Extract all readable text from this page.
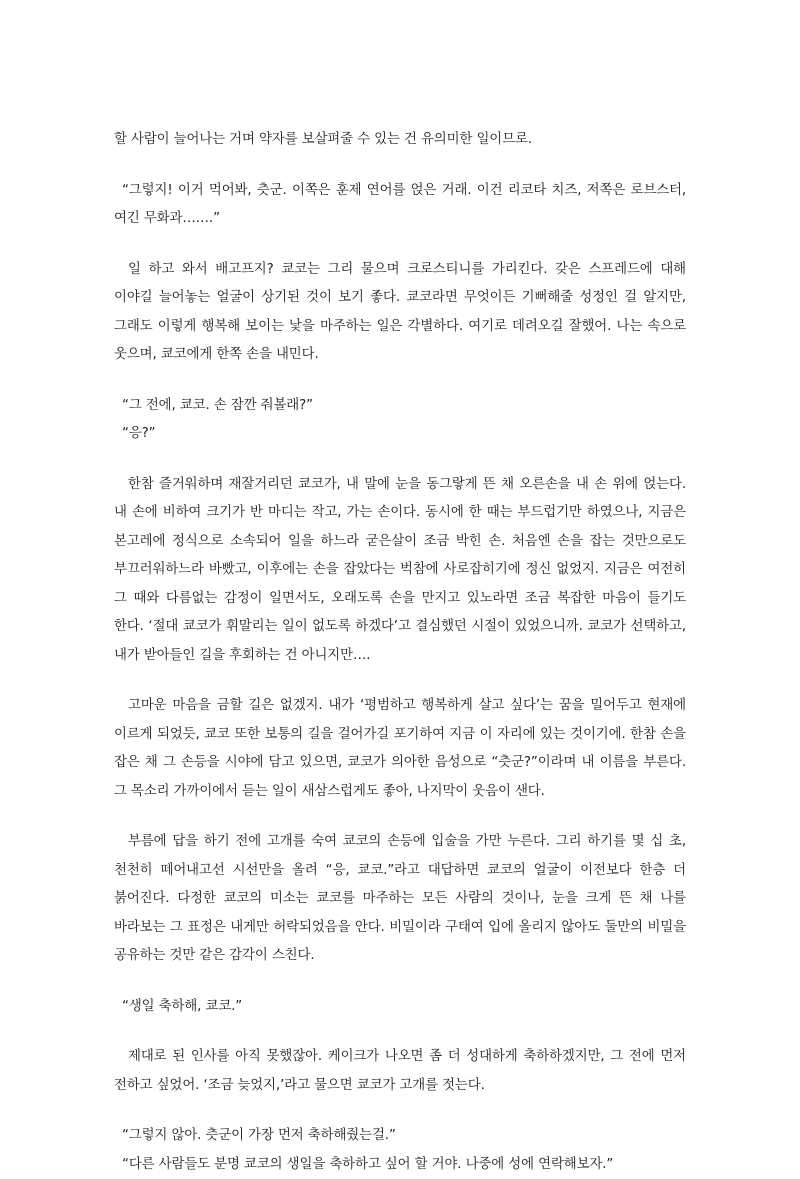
할 사람이 늘어나는 거며 약자를 보살펴줄 수 있는 건 유의미한 일이므로.

“그렇지! 이거 먹어봐, 츳군. 이쪽은 훈제 연어를 얹은 거래. 이건 리코타 치즈, 저쪽은 로브스터, 여긴 무화과…….”

일 하고 와서 배고프지? 쿄코는 그리 물으며 크로스티니를 가리킨다. 갖은 스프레드에 대해 이야길 늘어놓는 얼굴이 상기된 것이 보기 좋다. 쿄코라면 무엇이든 기뻐해줄 성정인 걸 알지만, 그래도 이렇게 행복해 보이는 낯을 마주하는 일은 각별하다. 여기로 데려오길 잘했어. 나는 속으로 웃으며, 쿄코에게 한쪽 손을 내민다.

“그 전에, 쿄코. 손 잠깐 줘볼래?”

“응?”

한참 즐거워하며 재잘거리던 쿄코가, 내 말에 눈을 동그랗게 뜬 채 오른손을 내 손 위에 얹는다. 내 손에 비하여 크기가 반 마디는 작고, 가는 손이다. 동시에 한 때는 부드럽기만 하였으나, 지금은 본고레에 정식으로 소속되어 일을 하느라 굳은살이 조금 박힌 손. 처음엔 손을 잡는 것만으로도 부끄러워하느라 바빴고, 이후에는 손을 잡았다는 벅참에 사로잡히기에 정신 없었지. 지금은 여전히 그 때와 다름없는 감정이 일면서도, 오래도록 손을 만지고 있노라면 조금 복잡한 마음이 들기도 한다. ‘절대 쿄코가 휘말리는 일이 없도록 하겠다’고 결심했던 시절이 있었으니까. 쿄코가 선택하고, 내가 받아들인 길을 후회하는 건 아니지만….

고마운 마음을 금할 길은 없겠지. 내가 ‘평범하고 행복하게 살고 싶다’는 꿈을 밀어두고 현재에 이르게 되었듯, 쿄코 또한 보통의 길을 걸어가길 포기하여 지금 이 자리에 있는 것이기에. 한참 손을 잡은 채 그 손등을 시야에 담고 있으면, 쿄코가 의아한 음성으로 “츳군?”이라며 내 이름을 부른다. 그 목소리 가까이에서 듣는 일이 새삼스럽게도 좋아, 나지막이 웃음이 샌다.

부름에 답을 하기 전에 고개를 숙여 쿄코의 손등에 입술을 가만 누른다. 그리 하기를 몇 십 초, 천천히 떼어내고선 시선만을 올려 “응, 쿄코.”라고 대답하면 쿄코의 얼굴이 이전보다 한층 더 붉어진다. 다정한 쿄코의 미소는 쿄코를 마주하는 모든 사람의 것이나, 눈을 크게 뜬 채 나를 바라보는 그 표정은 내게만 허락되었음을 안다. 비밀이라 구태여 입에 올리지 않아도 둘만의 비밀을 공유하는 것만 같은 감각이 스친다.

“생일 축하해, 쿄코.”

제대로 된 인사를 아직 못했잖아. 케이크가 나오면 좀 더 성대하게 축하하겠지만, 그 전에 먼저 전하고 싶었어. ‘조금 늦었지,’라고 물으면 쿄코가 고개를 젓는다.

“그렇지 않아. 츳군이 가장 먼저 축하해줬는걸.”

“다른 사람들도 분명 쿄코의 생일을 축하하고 싶어 할 거야. 나중에 성에 연락해보자.”
